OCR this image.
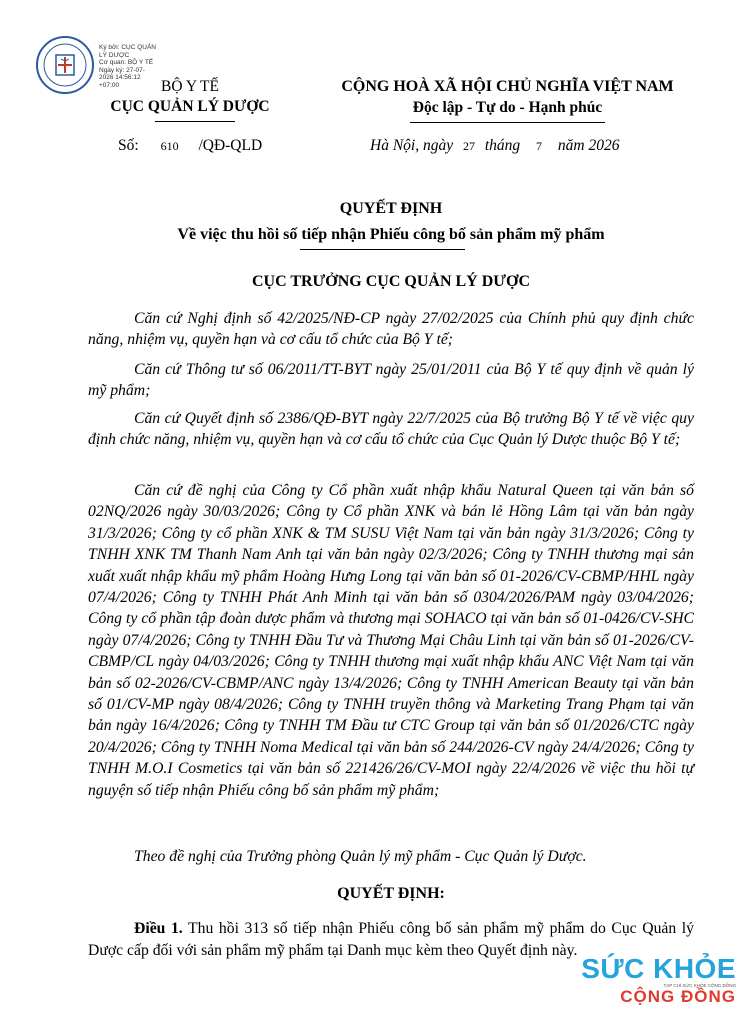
Ký bởi: CỤC QUẢN
LÝ DƯỢC
Cơ quan: BỘ Y TẾ
Ngày ký: 27-07-
2026 14:56:12
+07:00	BỘ Y TẾ
CỤC QUẢN LÝ DƯỢC
Số: 610 /QĐ-QLD
CỘNG HOÀ XÃ HỘI CHỦ NGHĨA VIỆT NAM
Độc lập - Tự do - Hạnh phúc
Hà Nội, ngày 27 tháng 7 năm 2026
QUYẾT ĐỊNH
Về việc thu hồi số tiếp nhận Phiếu công bố sản phẩm mỹ phẩm
CỤC TRƯỞNG CỤC QUẢN LÝ DƯỢC
Căn cứ Nghị định số 42/2025/NĐ-CP ngày 27/02/2025 của Chính phủ quy định chức năng, nhiệm vụ, quyền hạn và cơ cấu tổ chức của Bộ Y tế;
Căn cứ Thông tư số 06/2011/TT-BYT ngày 25/01/2011 của Bộ Y tế quy định về quản lý mỹ phẩm;
Căn cứ Quyết định số 2386/QĐ-BYT ngày 22/7/2025 của Bộ trưởng Bộ Y tế về việc quy định chức năng, nhiệm vụ, quyền hạn và cơ cấu tổ chức của Cục Quản lý Dược thuộc Bộ Y tế;
Căn cứ đề nghị của Công ty Cổ phần xuất nhập khẩu Natural Queen tại văn bản số 02NQ/2026 ngày 30/03/2026; Công ty Cổ phần XNK và bán lẻ Hồng Lâm tại văn bản ngày 31/3/2026; Công ty cổ phần XNK & TM SUSU Việt Nam tại văn bản ngày 31/3/2026; Công ty TNHH XNK TM Thanh Nam Anh tại văn bản ngày 02/3/2026; Công ty TNHH thương mại sản xuất xuất nhập khẩu mỹ phẩm Hoàng Hưng Long tại văn bản số 01-2026/CV-CBMP/HHL ngày 07/4/2026; Công ty TNHH Phát Anh Minh tại văn bản số 0304/2026/PAM ngày 03/04/2026; Công ty cổ phần tập đoàn dược phẩm và thương mại SOHACO tại văn bản số 01-0426/CV-SHC ngày 07/4/2026; Công ty TNHH Đầu Tư và Thương Mại Châu Linh tại văn bản số 01-2026/CV-CBMP/CL ngày 04/03/2026; Công ty TNHH thương mại xuất nhập khẩu ANC Việt Nam tại văn bản số 02-2026/CV-CBMP/ANC ngày 13/4/2026; Công ty TNHH American Beauty tại văn bản số 01/CV-MP ngày 08/4/2026; Công ty TNHH truyền thông và Marketing Trang Phạm tại văn bản ngày 16/4/2026; Công ty TNHH TM Đầu tư CTC Group tại văn bản số 01/2026/CTC ngày 20/4/2026; Công ty TNHH Noma Medical tại văn bản số 244/2026-CV ngày 24/4/2026; Công ty TNHH M.O.I Cosmetics tại văn bản số 221426/26/CV-MOI ngày 22/4/2026 về việc thu hồi tự nguyện số tiếp nhận Phiếu công bố sản phẩm mỹ phẩm;
Theo đề nghị của Trưởng phòng Quản lý mỹ phẩm - Cục Quản lý Dược.
QUYẾT ĐỊNH:
Điều 1. Thu hồi 313 số tiếp nhận Phiếu công bố sản phẩm mỹ phẩm do Cục Quản lý Dược cấp đối với sản phẩm mỹ phẩm tại Danh mục kèm theo Quyết định này.
SỨC KHỎE
TẠP CHÍ SỨC KHỎE CỘNG ĐỒNG
CỘNG ĐỒNG
